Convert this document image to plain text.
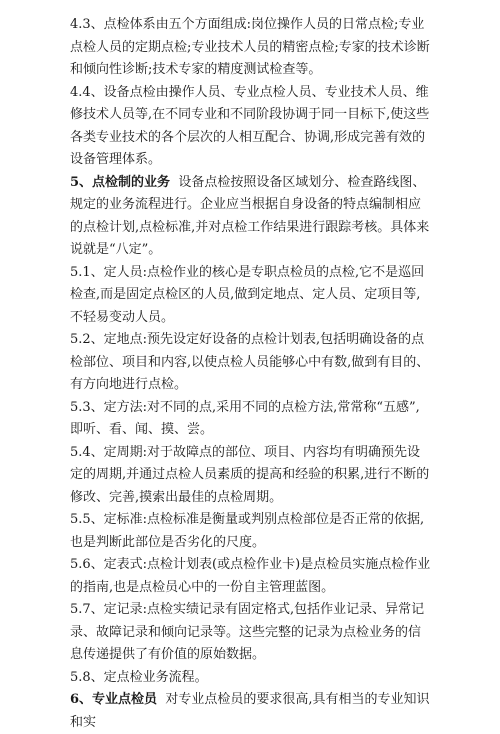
4.3、点检体系由五个方面组成:岗位操作人员的日常点检;专业点检人员的定期点检;专业技术人员的精密点检;专家的技术诊断和倾向性诊断;技术专家的精度测试检查等。

4.4、设备点检由操作人员、专业点检人员、专业技术人员、维修技术人员等,在不同专业和不同阶段协调于同一目标下,使这些各类专业技术的各个层次的人相互配合、协调,形成完善有效的设备管理体系。

5、点检制的业务 设备点检按照设备区域划分、检查路线图、规定的业务流程进行。企业应当根据自身设备的特点编制相应的点检计划,点检标准,并对点检工作结果进行跟踪考核。具体来说就是“八定”。

5.1、定人员:点检作业的核心是专职点检员的点检,它不是巡回检查,而是固定点检区的人员,做到定地点、定人员、定项目等,不轻易变动人员。

5.2、定地点:预先设定好设备的点检计划表,包括明确设备的点检部位、项目和内容,以使点检人员能够心中有数,做到有目的、有方向地进行点检。

5.3、定方法:对不同的点,采用不同的点检方法,常常称“五感”,即听、看、闻、摸、尝。

5.4、定周期:对于故障点的部位、项目、内容均有明确预先设定的周期,并通过点检人员素质的提高和经验的积累,进行不断的修改、完善,摸索出最佳的点检周期。

5.5、定标准:点检标准是衡量或判别点检部位是否正常的依据,也是判断此部位是否劣化的尺度。

5.6、定表式:点检计划表(或点检作业卡)是点检员实施点检作业的指南,也是点检员心中的一份自主管理蓝图。

5.7、定记录:点检实绩记录有固定格式,包括作业记录、异常记录、故障记录和倾向记录等。这些完整的记录为点检业务的信息传递提供了有价值的原始数据。

5.8、定点检业务流程。

6、专业点检员 对专业点检员的要求很高,具有相当的专业知识和实
